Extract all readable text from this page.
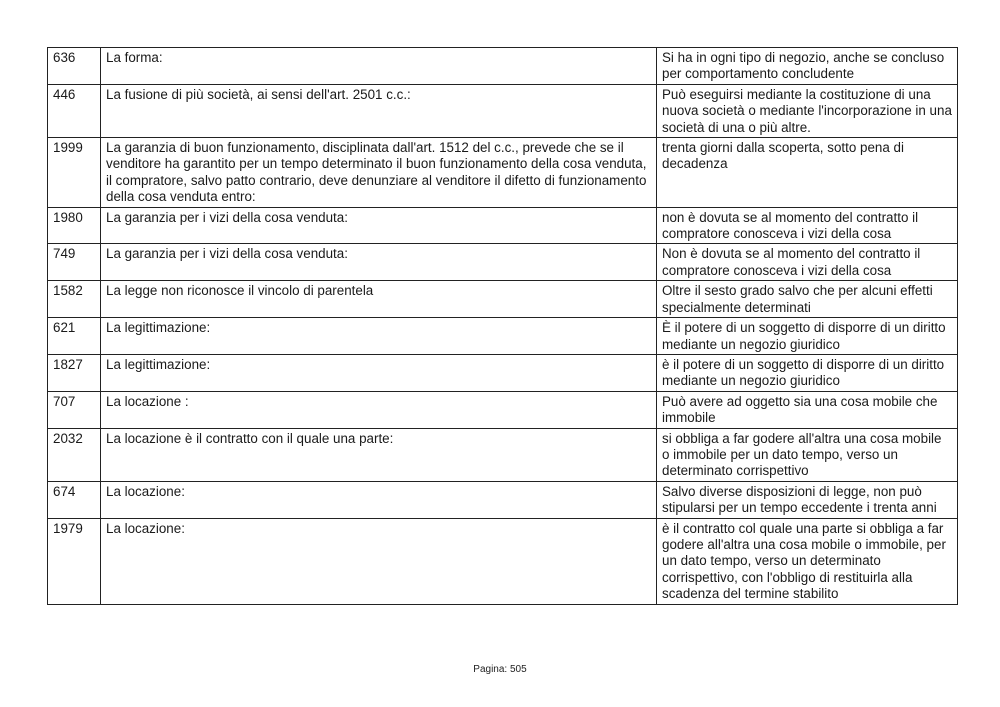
636	La forma:	Si ha in ogni tipo di negozio, anche se concluso per comportamento concludente
446	La fusione di più società, ai sensi dell'art. 2501 c.c.:	Può eseguirsi mediante la costituzione di una nuova società o mediante l'incorporazione in una società di una o più altre.
1999	La garanzia di buon funzionamento, disciplinata dall'art. 1512 del c.c., prevede che se il venditore ha garantito per un tempo determinato il buon funzionamento della cosa venduta, il compratore, salvo patto contrario, deve denunziare al venditore il difetto di funzionamento della cosa venduta entro:	trenta giorni dalla scoperta, sotto pena di decadenza
1980	La garanzia per i vizi della cosa venduta:	non è dovuta se al momento del contratto il compratore conosceva i vizi della cosa
749	La garanzia per i vizi della cosa venduta:	Non è dovuta se al momento del contratto il compratore conosceva i vizi della cosa
1582	La legge non riconosce il vincolo di parentela	Oltre il sesto grado salvo che per alcuni effetti specialmente determinati
621	La legittimazione:	È il potere di un soggetto di disporre di un diritto mediante un negozio giuridico
1827	La legittimazione:	è il potere di un soggetto di disporre di un diritto mediante un negozio giuridico
707	La locazione :	Può avere ad oggetto sia una cosa mobile che immobile
2032	La locazione è il contratto con il quale una parte:	si obbliga a far godere all'altra una cosa mobile o immobile per un dato tempo, verso un determinato corrispettivo
674	La locazione:	Salvo diverse disposizioni di legge, non può stipularsi per un tempo eccedente i trenta anni
1979	La locazione:	è il contratto col quale una parte si obbliga a far godere all'altra una cosa mobile o immobile, per un dato tempo, verso un determinato corrispettivo, con l'obbligo di restituirla alla scadenza del termine stabilito
Pagina: 505
